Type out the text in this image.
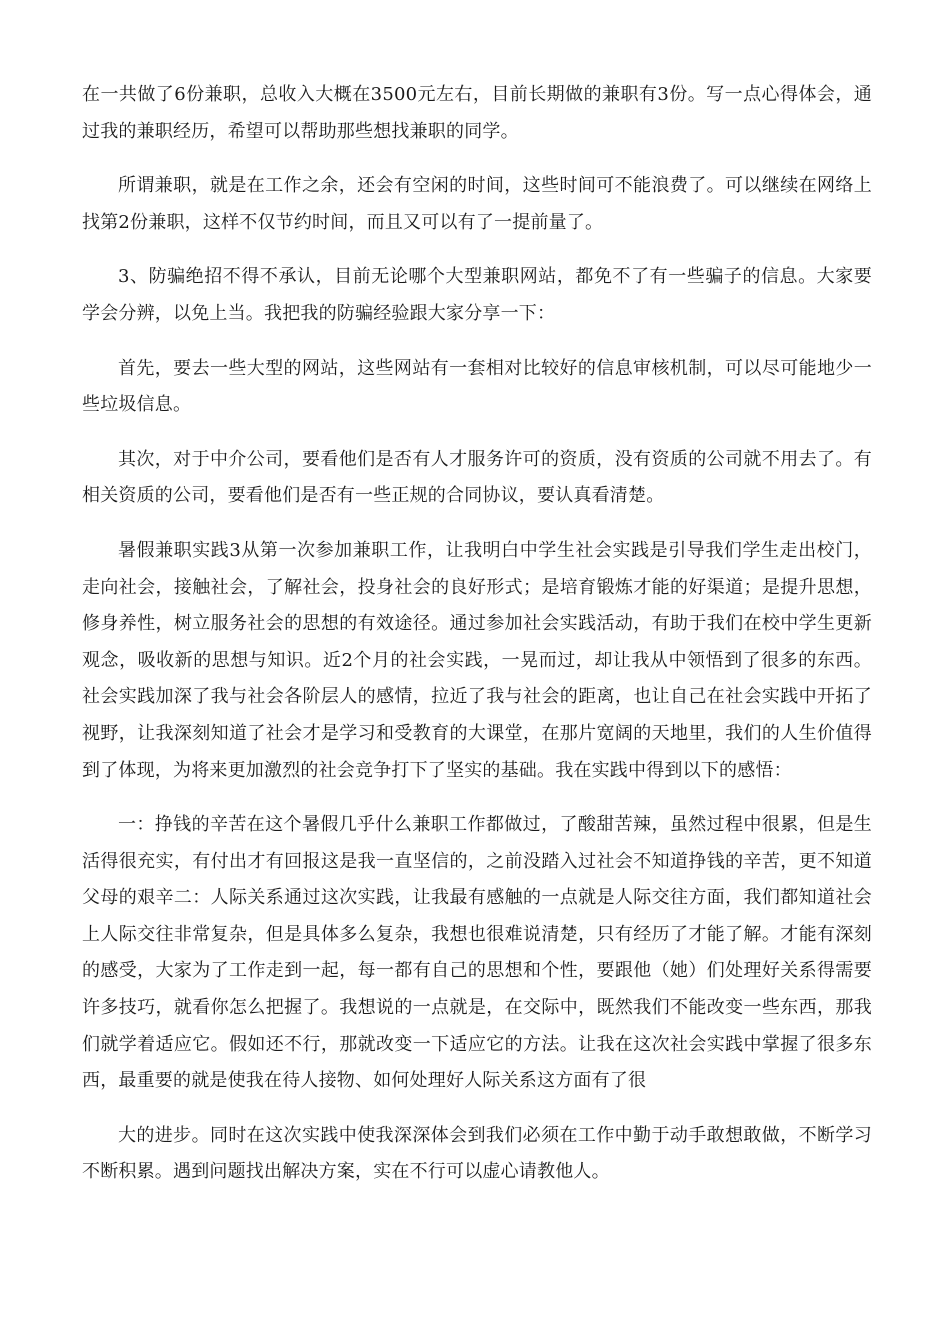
在一共做了6份兼职，总收入大概在3500元左右，目前长期做的兼职有3份。写一点心得体会，通过我的兼职经历，希望可以帮助那些想找兼职的同学。

所谓兼职，就是在工作之余，还会有空闲的时间，这些时间可不能浪费了。可以继续在网络上找第2份兼职，这样不仅节约时间，而且又可以有了一提前量了。

3、防骗绝招不得不承认，目前无论哪个大型兼职网站，都免不了有一些骗子的信息。大家要学会分辨，以免上当。我把我的防骗经验跟大家分享一下：

首先，要去一些大型的网站，这些网站有一套相对比较好的信息审核机制，可以尽可能地少一些垃圾信息。

其次，对于中介公司，要看他们是否有人才服务许可的资质，没有资质的公司就不用去了。有相关资质的公司，要看他们是否有一些正规的合同协议，要认真看清楚。

暑假兼职实践3从第一次参加兼职工作，让我明白中学生社会实践是引导我们学生走出校门，走向社会，接触社会，了解社会，投身社会的良好形式；是培育锻炼才能的好渠道；是提升思想，修身养性，树立服务社会的思想的有效途径。通过参加社会实践活动，有助于我们在校中学生更新观念，吸收新的思想与知识。近2个月的社会实践，一晃而过，却让我从中领悟到了很多的东西。社会实践加深了我与社会各阶层人的感情，拉近了我与社会的距离，也让自己在社会实践中开拓了视野，让我深刻知道了社会才是学习和受教育的大课堂，在那片宽阔的天地里，我们的人生价值得到了体现，为将来更加激烈的社会竞争打下了坚实的基础。我在实践中得到以下的感悟：

一：挣钱的辛苦在这个暑假几乎什么兼职工作都做过，了酸甜苦辣，虽然过程中很累，但是生活得很充实，有付出才有回报这是我一直坚信的，之前没踏入过社会不知道挣钱的辛苦，更不知道父母的艰辛二：人际关系通过这次实践，让我最有感触的一点就是人际交往方面，我们都知道社会上人际交往非常复杂，但是具体多么复杂，我想也很难说清楚，只有经历了才能了解。才能有深刻的感受，大家为了工作走到一起，每一都有自己的思想和个性，要跟他（她）们处理好关系得需要许多技巧，就看你怎么把握了。我想说的一点就是，在交际中，既然我们不能改变一些东西，那我们就学着适应它。假如还不行，那就改变一下适应它的方法。让我在这次社会实践中掌握了很多东西，最重要的就是使我在待人接物、如何处理好人际关系这方面有了很

大的进步。同时在这次实践中使我深深体会到我们必须在工作中勤于动手敢想敢做，不断学习不断积累。遇到问题找出解决方案，实在不行可以虚心请教他人。
